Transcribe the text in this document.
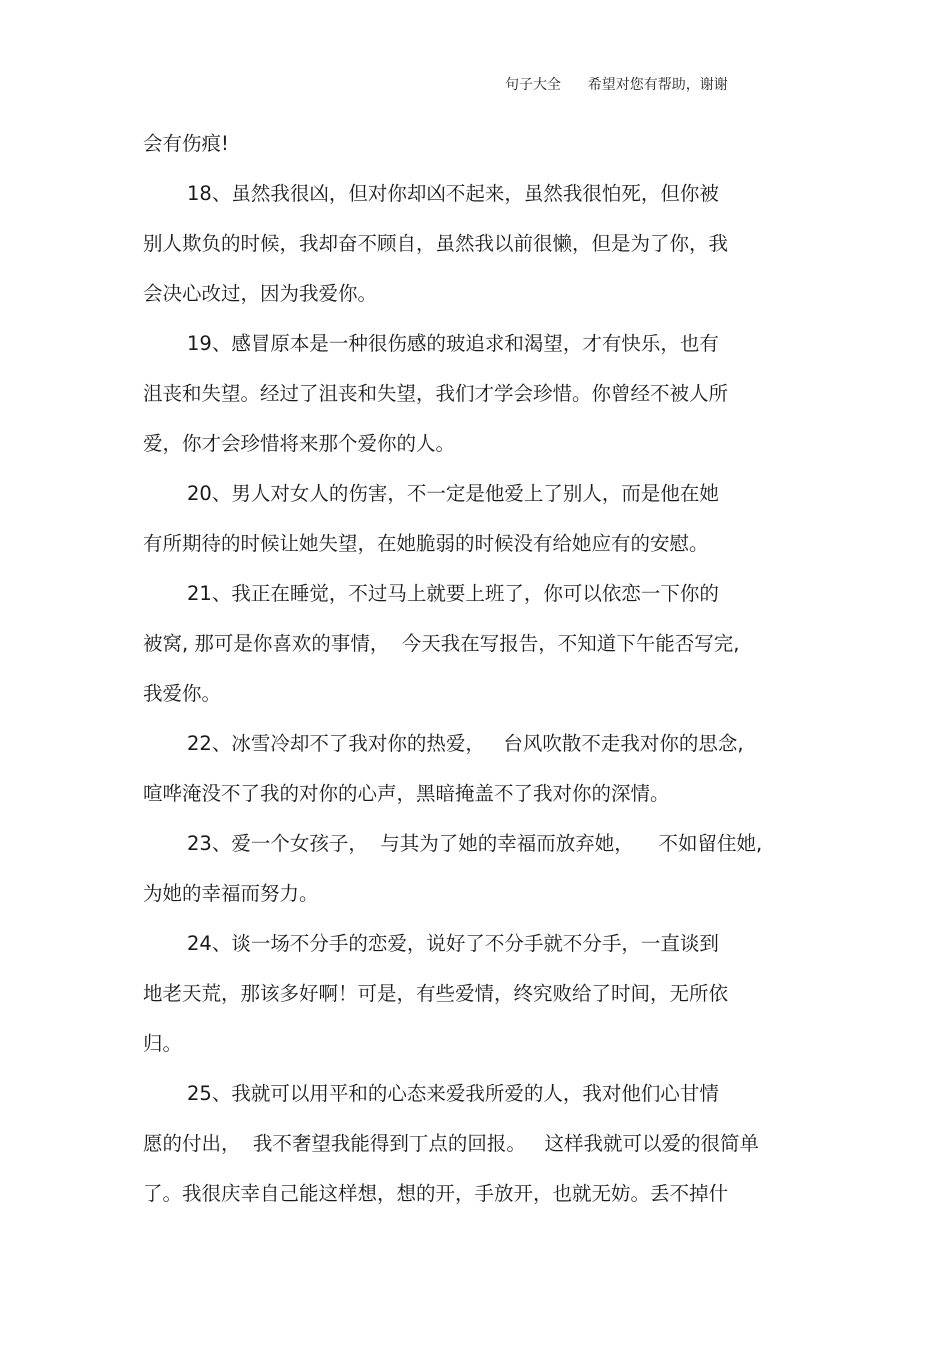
句子大全      希望对您有帮助，谢谢
会有伤痕!
18、虽然我很凶，但对你却凶不起来，虽然我很怕死，但你被
别人欺负的时候，我却奋不顾自，虽然我以前很懒，但是为了你，我
会决心改过，因为我爱你。
19、感冒原本是一种很伤感的玻追求和渴望，才有快乐，也有
沮丧和失望。经过了沮丧和失望，我们才学会珍惜。你曾经不被人所
爱，你才会珍惜将来那个爱你的人。
20、男人对女人的伤害，不一定是他爱上了别人，而是他在她
有所期待的时候让她失望，在她脆弱的时候没有给她应有的安慰。
21、我正在睡觉，不过马上就要上班了，你可以依恋一下你的
被窝, 那可是你喜欢的事情，  今天我在写报告，不知道下午能否写完,
我爱你。
22、冰雪冷却不了我对你的热爱，   台风吹散不走我对你的思念,
喧哗淹没不了我的对你的心声，黑暗掩盖不了我对你的深情。
23、爱一个女孩子，  与其为了她的幸福而放弃她，    不如留住她,
为她的幸福而努力。
24、谈一场不分手的恋爱，说好了不分手就不分手，一直谈到
地老天荒，那该多好啊！可是，有些爱情，终究败给了时间，无所依
归。
25、我就可以用平和的心态来爱我所爱的人，我对他们心甘情
愿的付出，  我不奢望我能得到丁点的回报。   这样我就可以爱的很简单
了。我很庆幸自己能这样想，想的开，手放开，也就无妨。丢不掉什
